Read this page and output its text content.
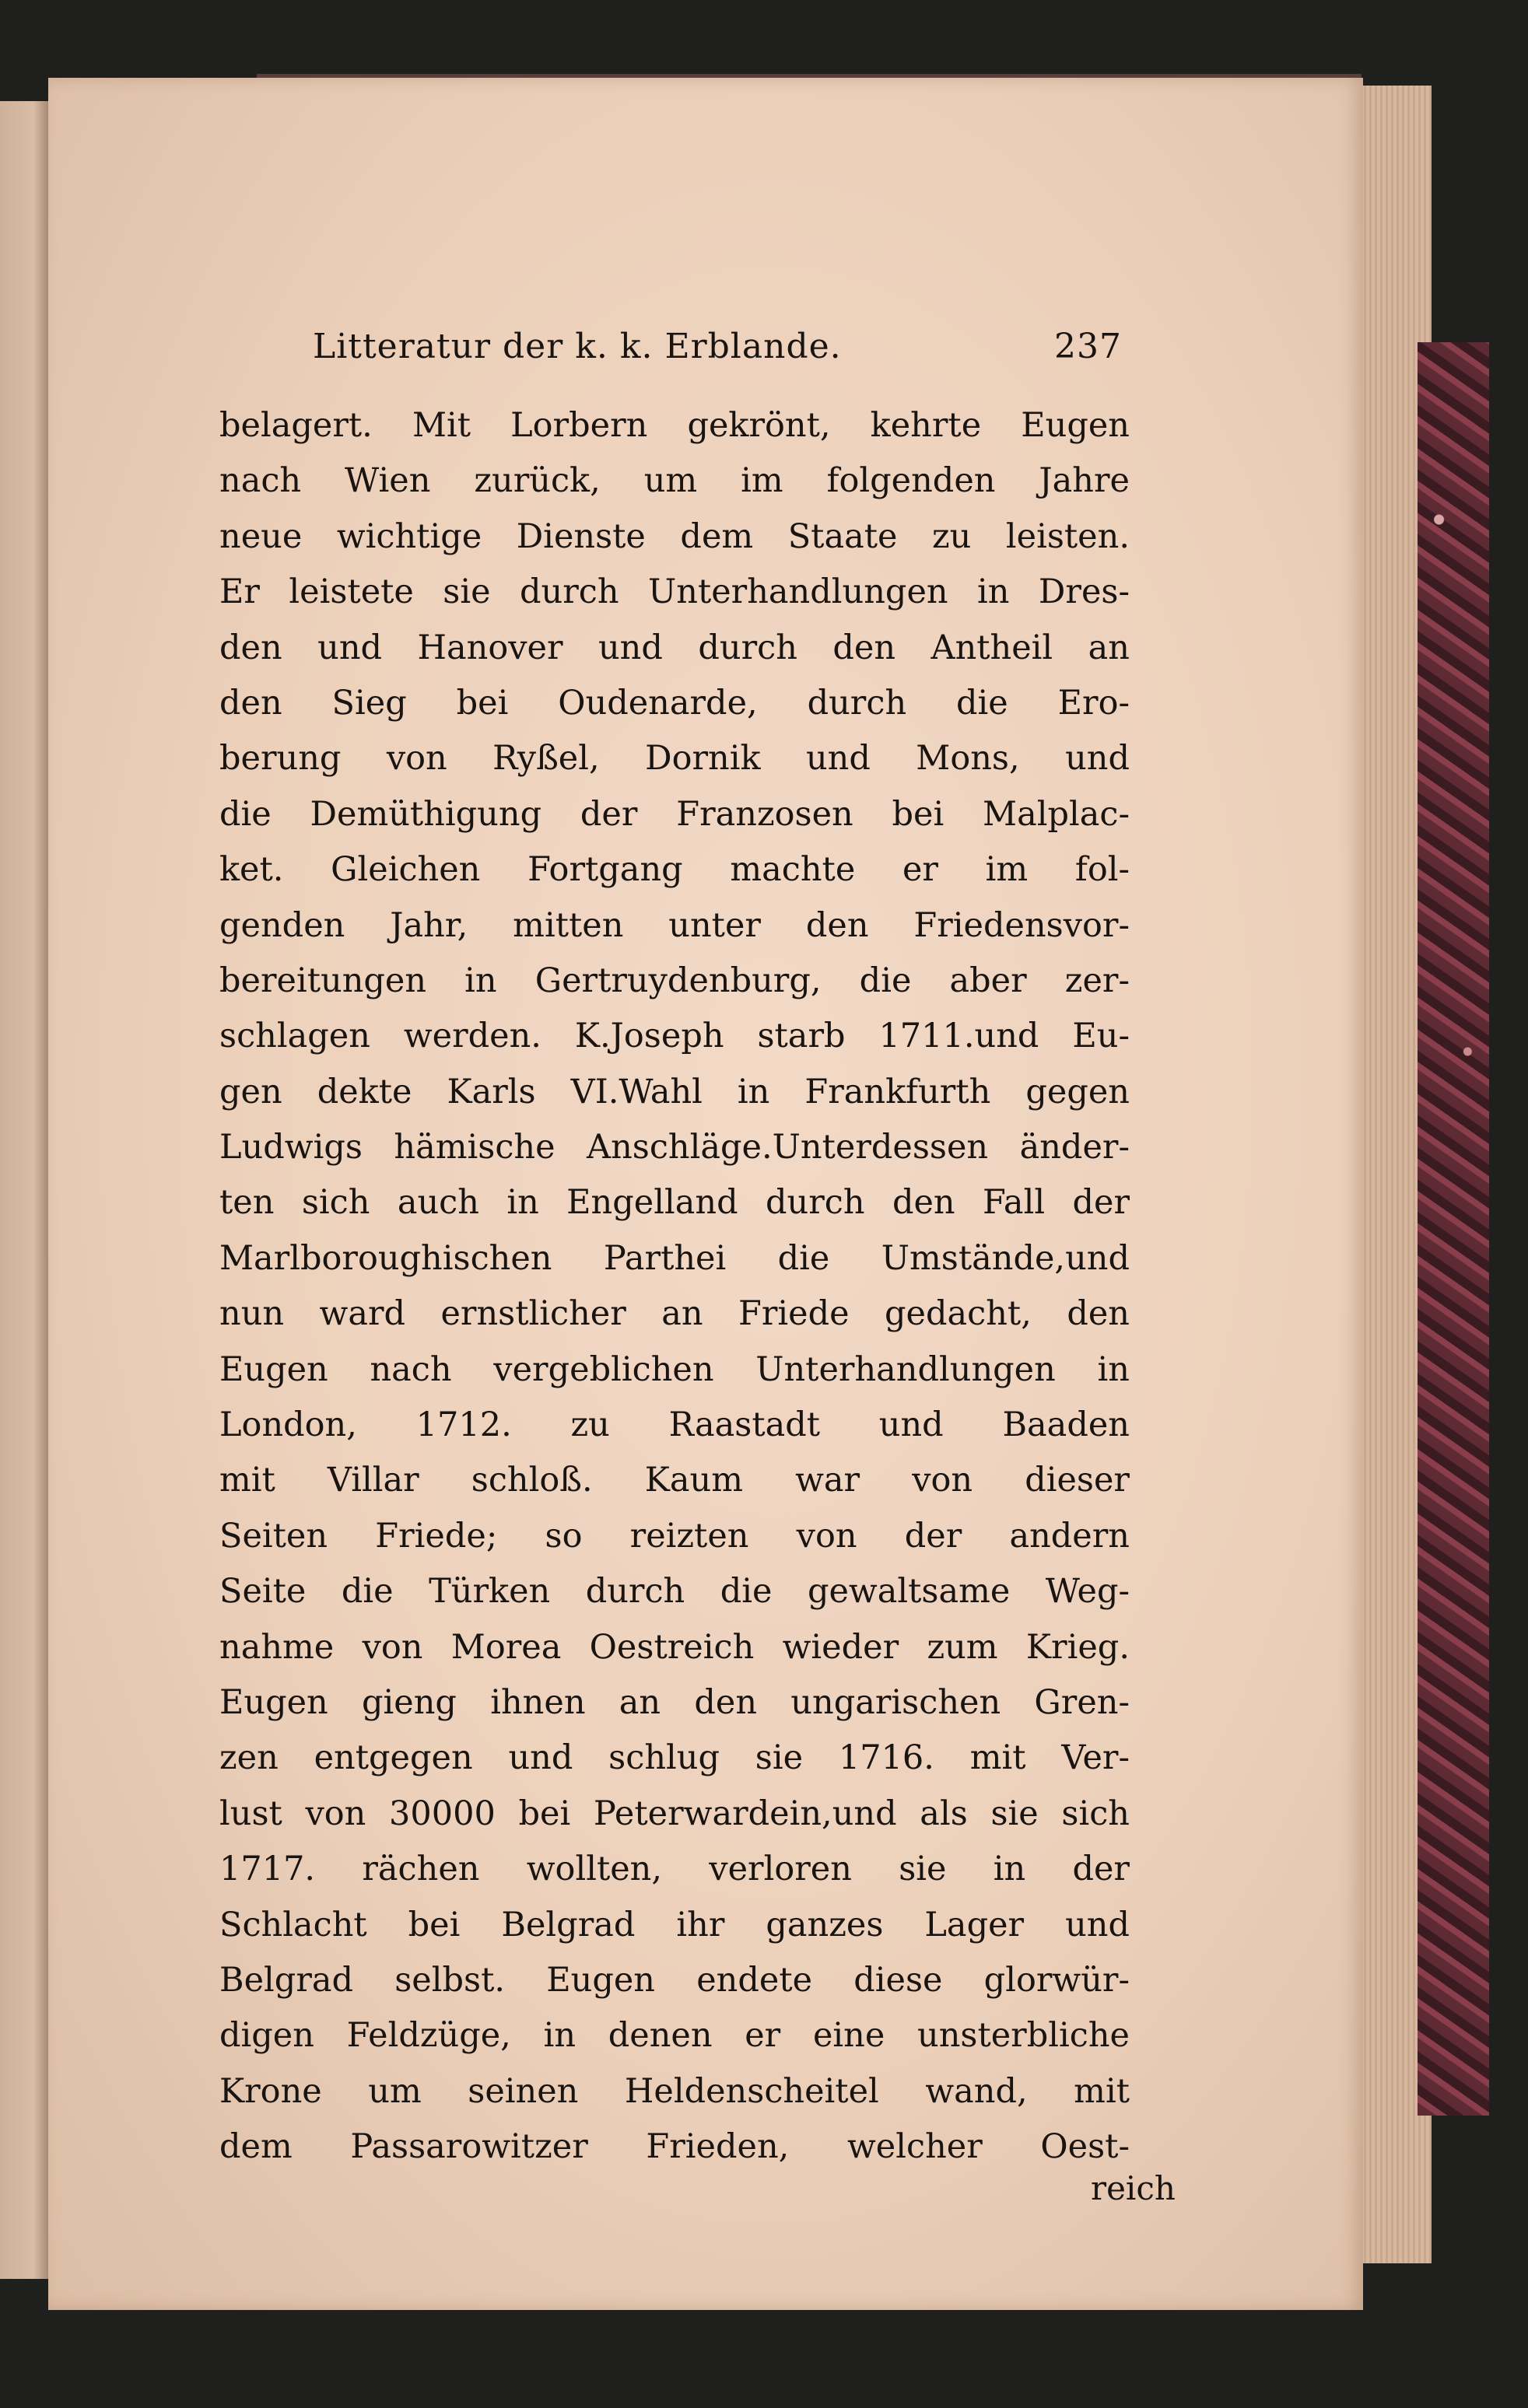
Litteratur der k. k. Erblande.	237
belagert. Mit Lorbern gekrönt, kehrte Eugen
nach Wien zurück, um im folgenden Jahre
neue wichtige Dienste dem Staate zu leisten.
Er leistete sie durch Unterhandlungen in Dres-
den und Hanover und durch den Antheil an
den Sieg bei Oudenarde, durch die Ero-
berung von Ryßel, Dornik und Mons, und
die Demüthigung der Franzosen bei Malplac-
ket. Gleichen Fortgang machte er im fol-
genden Jahr, mitten unter den Friedensvor-
bereitungen in Gertruydenburg, die aber zer-
schlagen werden. K.Joseph starb 1711.und Eu-
gen dekte Karls VI.Wahl in Frankfurth gegen
Ludwigs hämische Anschläge.Unterdessen änder-
ten sich auch in Engelland durch den Fall der
Marlboroughischen Parthei die Umstände,und
nun ward ernstlicher an Friede gedacht, den
Eugen nach vergeblichen Unterhandlungen in
London, 1712. zu Raastadt und Baaden
mit Villar schloß. Kaum war von dieser
Seiten Friede; so reizten von der andern
Seite die Türken durch die gewaltsame Weg-
nahme von Morea Oestreich wieder zum Krieg.
Eugen gieng ihnen an den ungarischen Gren-
zen entgegen und schlug sie 1716. mit Ver-
lust von 30000 bei Peterwardein,und als sie sich
1717. rächen wollten, verloren sie in der
Schlacht bei Belgrad ihr ganzes Lager und
Belgrad selbst. Eugen endete diese glorwür-
digen Feldzüge, in denen er eine unsterbliche
Krone um seinen Heldenscheitel wand, mit
dem Passarowitzer Frieden, welcher Oest-
reich
